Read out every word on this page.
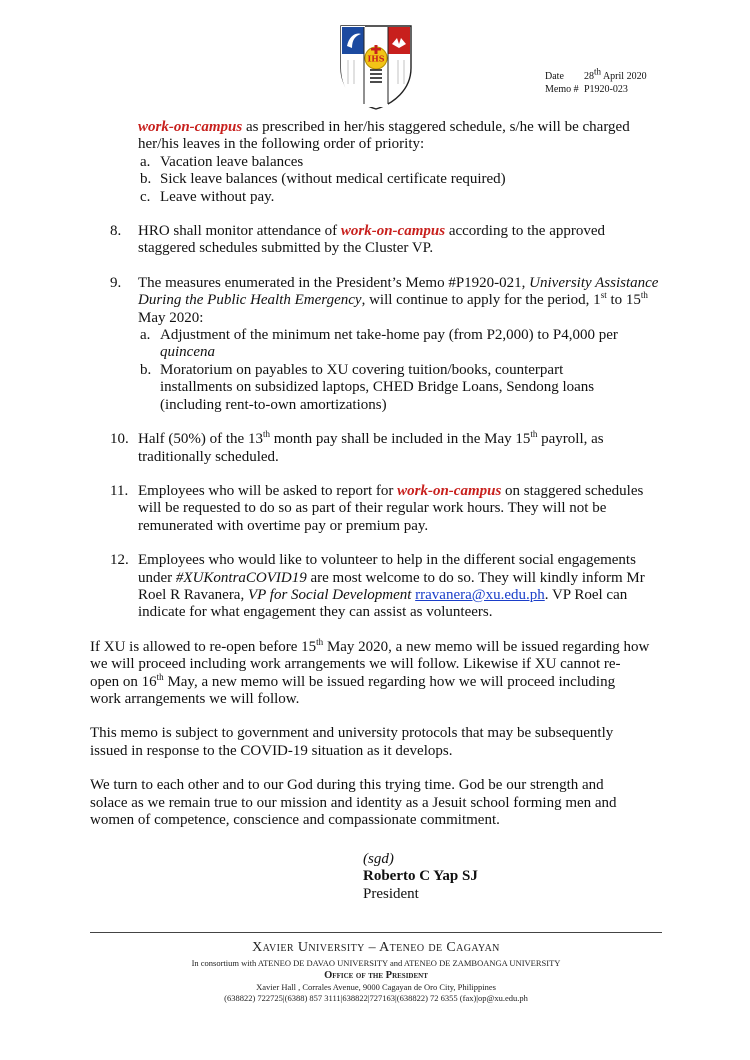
IHS
Date	28th April 2020
Memo # P1920-023
work-on-campus as prescribed in her/his staggered schedule, s/he will be charged
her/his leaves in the following order of priority:
a. Vacation leave balances
b. Sick leave balances (without medical certificate required)
c. Leave without pay.
8. HRO shall monitor attendance of work-on-campus according to the approved
staggered schedules submitted by the Cluster VP.
9. The measures enumerated in the President’s Memo #P1920-021, University Assistance
During the Public Health Emergency, will continue to apply for the period, 1st to 15th
May 2020:
a. Adjustment of the minimum net take-home pay (from P2,000) to P4,000 per
quincena
b. Moratorium on payables to XU covering tuition/books, counterpart
installments on subsidized laptops, CHED Bridge Loans, Sendong loans
(including rent-to-own amortizations)
10. Half (50%) of the 13th month pay shall be included in the May 15th payroll, as
traditionally scheduled.
11. Employees who will be asked to report for work-on-campus on staggered schedules
will be requested to do so as part of their regular work hours. They will not be
remunerated with overtime pay or premium pay.
12. Employees who would like to volunteer to help in the different social engagements
under #XUKontraCOVID19 are most welcome to do so. They will kindly inform Mr
Roel R Ravanera, VP for Social Development rravanera@xu.edu.ph. VP Roel can
indicate for what engagement they can assist as volunteers.
If XU is allowed to re-open before 15th May 2020, a new memo will be issued regarding how
we will proceed including work arrangements we will follow. Likewise if XU cannot re-
open on 16th May, a new memo will be issued regarding how we will proceed including
work arrangements we will follow.
This memo is subject to government and university protocols that may be subsequently
issued in response to the COVID-19 situation as it develops.
We turn to each other and to our God during this trying time. God be our strength and
solace as we remain true to our mission and identity as a Jesuit school forming men and
women of competence, conscience and compassionate commitment.
(sgd)
Roberto C Yap SJ
President
Xavier University – Ateneo de Cagayan
In consortium with ATENEO DE DAVAO UNIVERSITY and ATENEO DE ZAMBOANGA UNIVERSITY
Office of the President
Xavier Hall , Corrales Avenue, 9000 Cagayan de Oro City, Philippines
(638822) 722725|(6388) 857 3111|638822|727163|(638822) 72 6355 (fax)|op@xu.edu.ph
